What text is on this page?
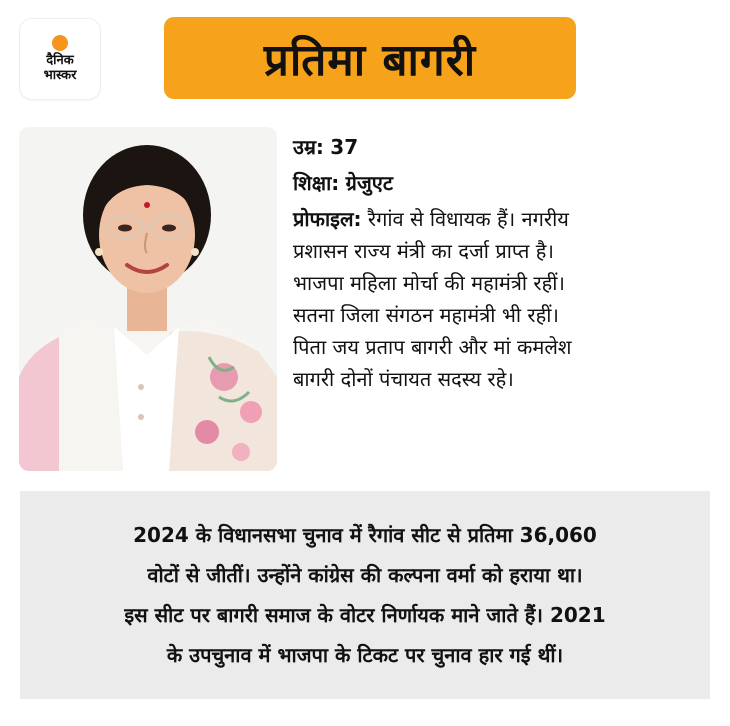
दैनिक
भास्कर	प्रतिमा बागरी
उम्र: 37
शिक्षा: ग्रेजुएट
प्रोफाइल: रैगांव से विधायक हैं। नगरीय
प्रशासन राज्य मंत्री का दर्जा प्राप्त है।
भाजपा महिला मोर्चा की महामंत्री रहीं।
सतना जिला संगठन महामंत्री भी रहीं।
पिता जय प्रताप बागरी और मां कमलेश
बागरी दोनों पंचायत सदस्य रहे।
2024 के विधानसभा चुनाव में रैगांव सीट से प्रतिमा 36,060
वोटों से जीतीं। उन्होंने कांग्रेस की कल्पना वर्मा को हराया था।
इस सीट पर बागरी समाज के वोटर निर्णायक माने जाते हैं। 2021
के उपचुनाव में भाजपा के टिकट पर चुनाव हार गई थीं।
